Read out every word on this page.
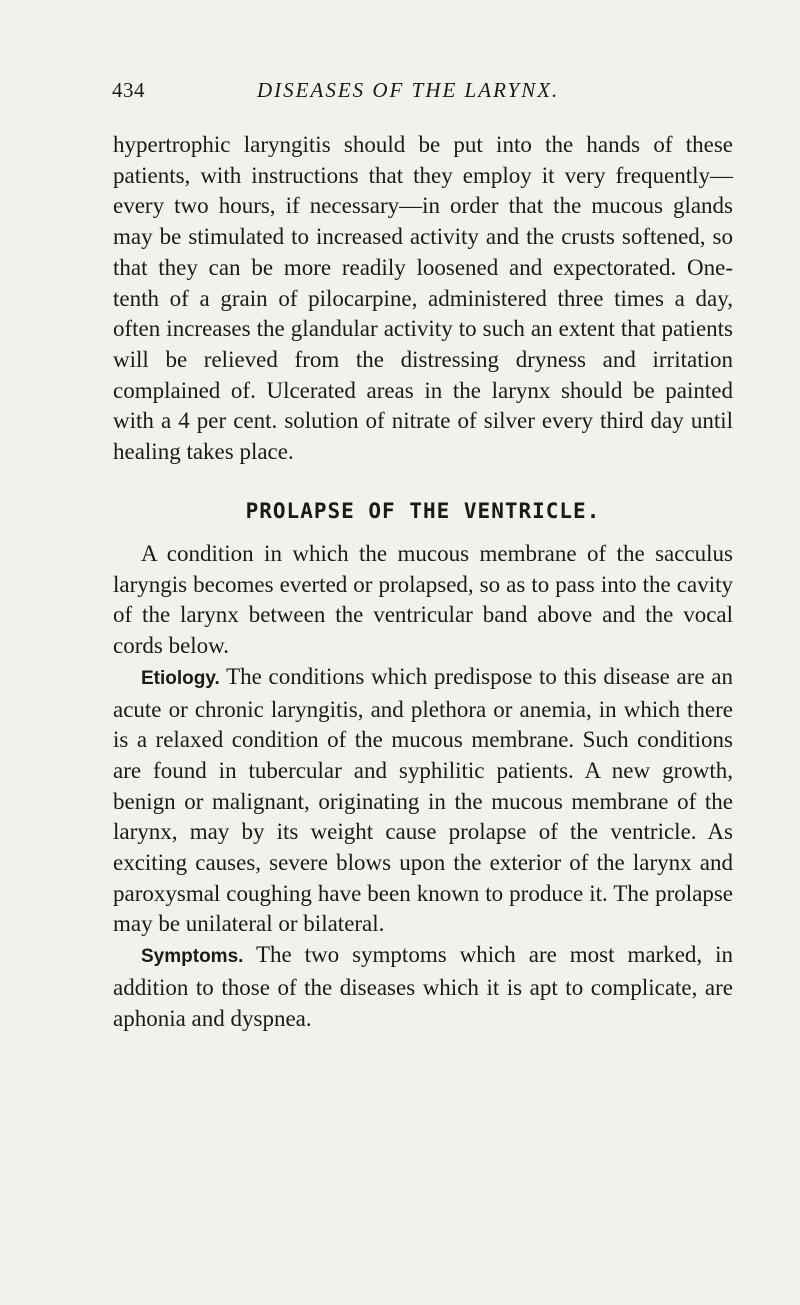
434	DISEASES OF THE LARYNX.

hypertrophic laryngitis should be put into the hands of these patients, with instructions that they employ it very frequently—every two hours, if necessary—in order that the mucous glands may be stimulated to increased activity and the crusts softened, so that they can be more readily loosened and expectorated. One-tenth of a grain of pilocarpine, administered three times a day, often increases the glandular activity to such an extent that patients will be relieved from the distressing dryness and irritation complained of. Ulcerated areas in the larynx should be painted with a 4 per cent. solution of nitrate of silver every third day until healing takes place.

PROLAPSE OF THE VENTRICLE.

A condition in which the mucous membrane of the sacculus laryngis becomes everted or prolapsed, so as to pass into the cavity of the larynx between the ventricular band above and the vocal cords below.

Etiology. The conditions which predispose to this disease are an acute or chronic laryngitis, and plethora or anemia, in which there is a relaxed condition of the mucous membrane. Such conditions are found in tubercular and syphilitic patients. A new growth, benign or malignant, originating in the mucous membrane of the larynx, may by its weight cause prolapse of the ventricle. As exciting causes, severe blows upon the exterior of the larynx and paroxysmal coughing have been known to produce it. The prolapse may be unilateral or bilateral.

Symptoms. The two symptoms which are most marked, in addition to those of the diseases which it is apt to complicate, are aphonia and dyspnea.
